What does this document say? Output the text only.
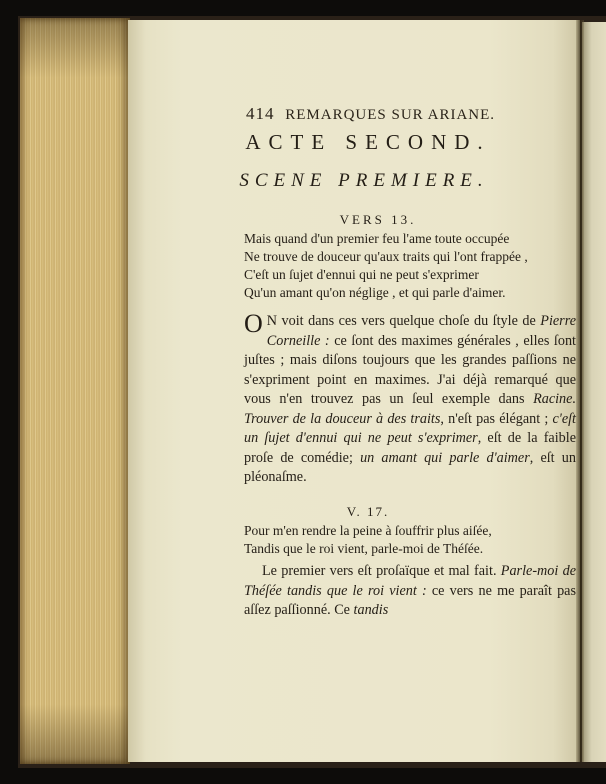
414 REMARQUES SUR ARIANE.
ACTE SECOND.
SCENE PREMIERE.
VERS 13.
Mais quand d'un premier feu l'ame toute occupée
Ne trouve de douceur qu'aux traits qui l'ont frappée ,
C'eſt un ſujet d'ennui qui ne peut s'exprimer
Qu'un amant qu'on néglige , et qui parle d'aimer.
O N voit dans ces vers quelque choſe du ſtyle de Pierre Corneille : ce ſont des maximes générales , elles ſont juſtes ; mais diſons toujours que les grandes paſſions ne s'expriment point en maximes. J'ai déjà remarqué que vous n'en trouvez pas un ſeul exemple dans Racine. Trouver de la douceur à des traits, n'eſt pas élégant ; c'eſt un ſujet d'ennui qui ne peut s'exprimer, eſt de la faible proſe de comédie; un amant qui parle d'aimer, eſt un pléonaſme.
V. 17.
Pour m'en rendre la peine à ſouffrir plus aiſée,
Tandis que le roi vient, parle-moi de Théſée.
Le premier vers eſt proſaïque et mal fait. Parle-moi de Théſée tandis que le roi vient : ce vers ne me paraît pas aſſez paſſionné. Ce tandis
